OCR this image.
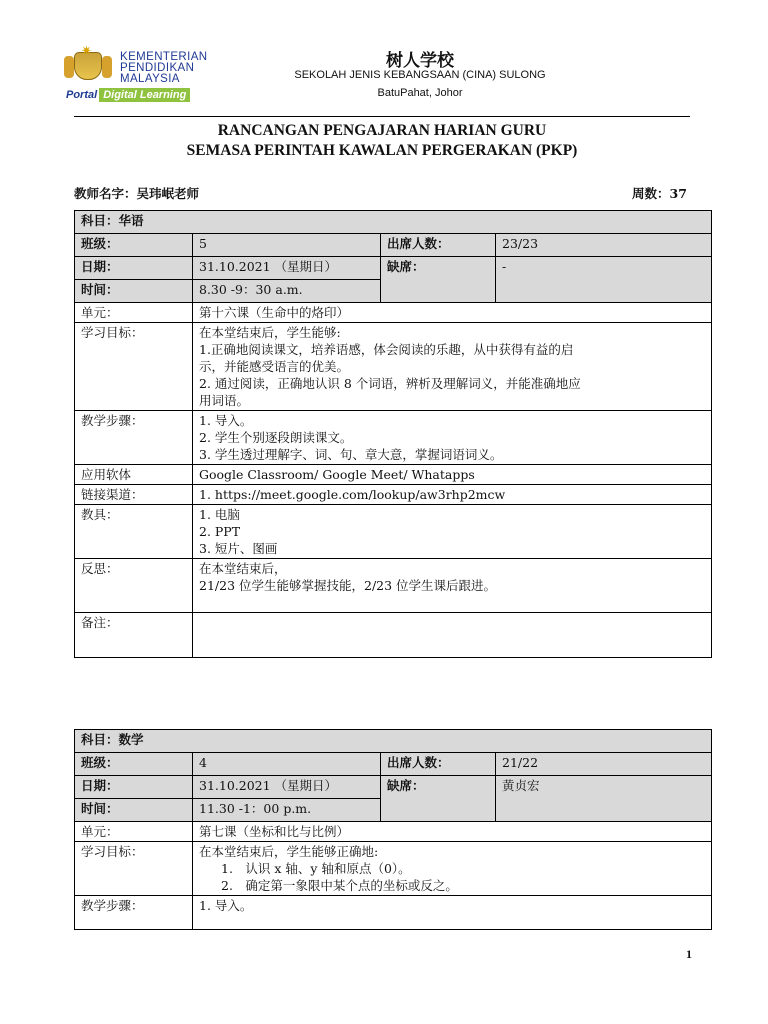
✷ KEMENTERIAN
PENDIDIKAN
MALAYSIA
Portal Digital Learning
树人学校
SEKOLAH JENIS KEBANGSAAN (CINA) SULONG
BatuPahat, Johor
RANCANGAN PENGAJARAN HARIAN GURU
SEMASA PERINTAH KAWALAN PERGERAKAN (PKP)
教师名字：吴玮岷老师	周数：37
科目：华语			
班级：	5	出席人数：	23/23
日期：	31.10.2021 （星期日）	缺席：	-
时间：	8.30 -9：30 a.m.		
单元：	第十六课（生命中的烙印）		
学习目标：	在本堂结束后，学生能够:
1.正确地阅读课文，培养语感，体会阅读的乐趣，从中获得有益的启
示，并能感受语言的优美。
2. 通过阅读，正确地认识 8 个词语，辨析及理解词义，并能准确地应
用词语。		

教学步骤：	1. 导入。
2. 学生个别逐段朗读课文。
3. 学生透过理解字、词、句、章大意，掌握词语词义。		

应用软体	Google Classroom/ Google Meet/ Whatapps		
链接渠道：	1. https://meet.google.com/lookup/aw3rhp2mcw		
教具：	1. 电脑
2. PPT
3. 短片、图画		

反思：	在本堂结束后，
21/23 位学生能够掌握技能，2/23 位学生课后跟进。		

备注：			
科目：数学			
班级：	4	出席人数：	21/22
日期：	31.10.2021 （星期日）	缺席：	黄贞宏
时间：	11.30 -1：00 p.m.		
单元：	第七课（坐标和比与比例）		
学习目标：	在本堂结束后，学生能够正确地:
1.　认识 x 轴、y 轴和原点（0）。
2.　确定第一象限中某个点的坐标或反之。		

教学步骤：	1. 导入。		
1
